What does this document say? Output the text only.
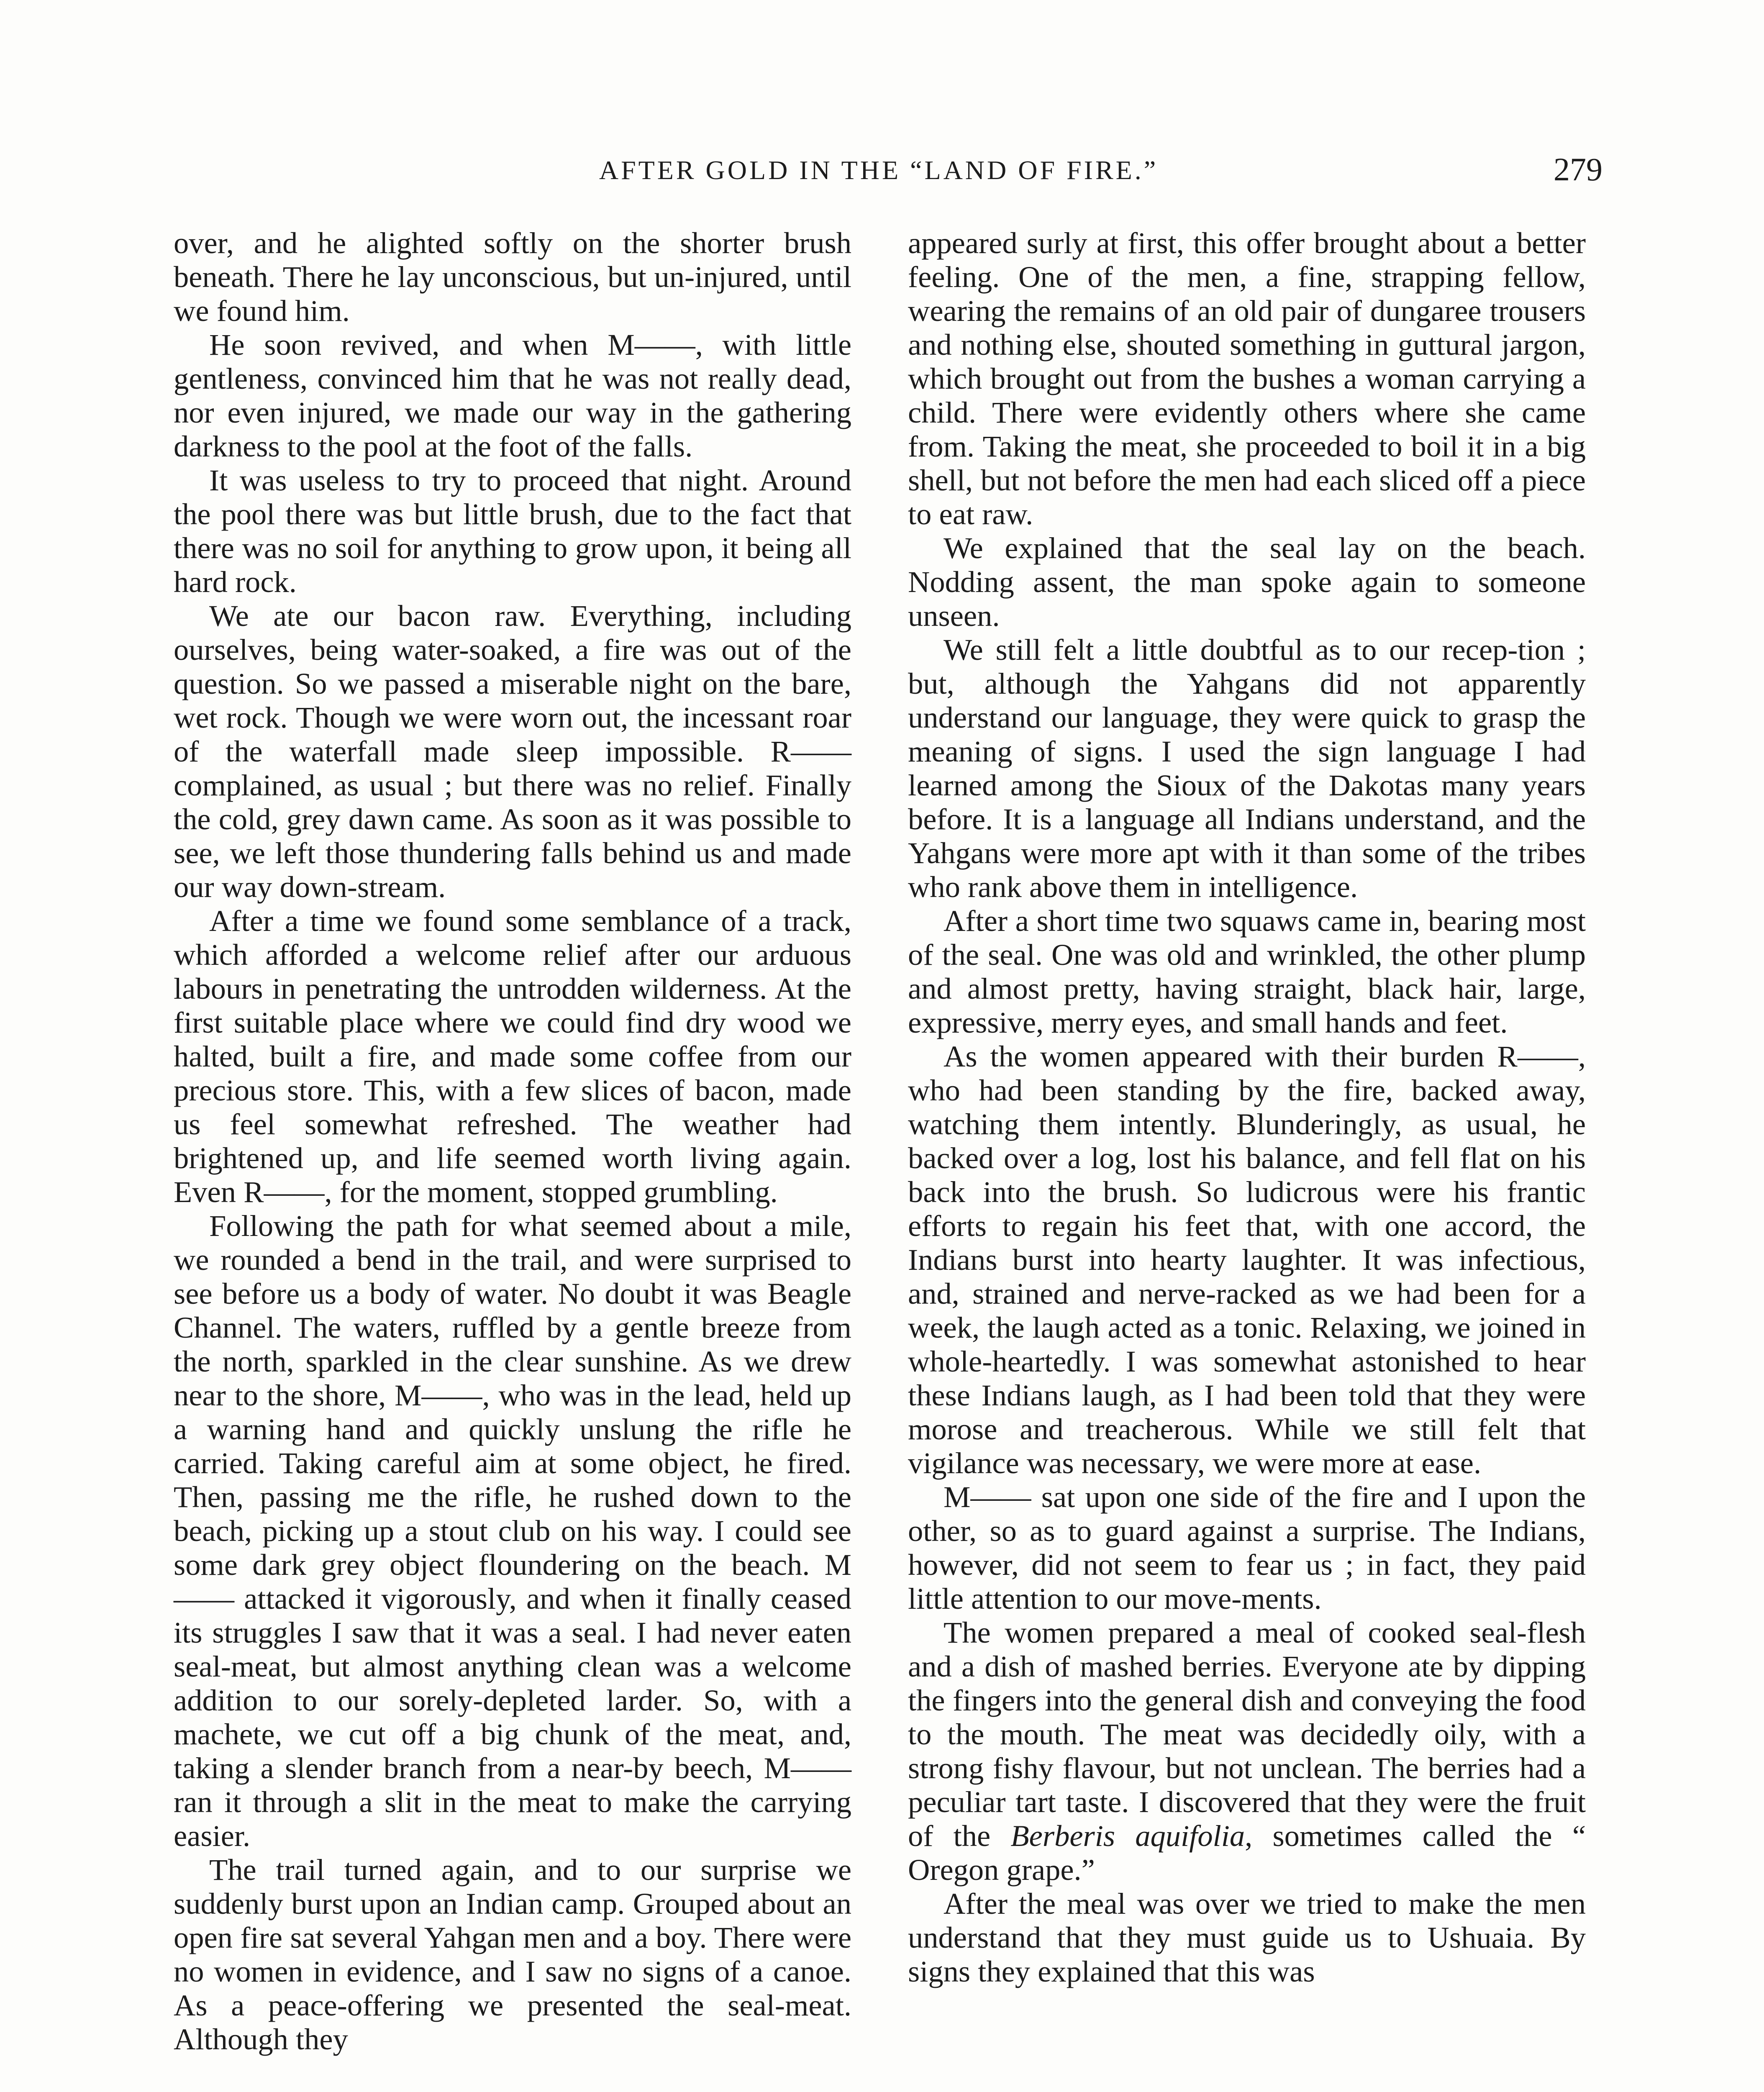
AFTER GOLD IN THE “LAND OF FIRE.”	279

over, and he alighted softly on the shorter brush beneath. There he lay unconscious, but un-injured, until we found him.

He soon revived, and when M——, with little gentleness, convinced him that he was not really dead, nor even injured, we made our way in the gathering darkness to the pool at the foot of the falls.

It was useless to try to proceed that night. Around the pool there was but little brush, due to the fact that there was no soil for anything to grow upon, it being all hard rock.

We ate our bacon raw. Everything, including ourselves, being water-soaked, a fire was out of the question. So we passed a miserable night on the bare, wet rock. Though we were worn out, the incessant roar of the waterfall made sleep impossible. R—— complained, as usual ; but there was no relief. Finally the cold, grey dawn came. As soon as it was possible to see, we left those thundering falls behind us and made our way down-stream.

After a time we found some semblance of a track, which afforded a welcome relief after our arduous labours in penetrating the untrodden wilderness. At the first suitable place where we could find dry wood we halted, built a fire, and made some coffee from our precious store. This, with a few slices of bacon, made us feel somewhat refreshed. The weather had brightened up, and life seemed worth living again. Even R——, for the moment, stopped grumbling.

Following the path for what seemed about a mile, we rounded a bend in the trail, and were surprised to see before us a body of water. No doubt it was Beagle Channel. The waters, ruffled by a gentle breeze from the north, sparkled in the clear sunshine. As we drew near to the shore, M——, who was in the lead, held up a warning hand and quickly unslung the rifle he carried. Taking careful aim at some object, he fired. Then, passing me the rifle, he rushed down to the beach, picking up a stout club on his way. I could see some dark grey object floundering on the beach. M—— attacked it vigorously, and when it finally ceased its struggles I saw that it was a seal. I had never eaten seal-meat, but almost anything clean was a welcome addition to our sorely-depleted larder. So, with a machete, we cut off a big chunk of the meat, and, taking a slender branch from a near-by beech, M—— ran it through a slit in the meat to make the carrying easier.

The trail turned again, and to our surprise we suddenly burst upon an Indian camp. Grouped about an open fire sat several Yahgan men and a boy. There were no women in evidence, and I saw no signs of a canoe. As a peace-offering we presented the seal-meat. Although they

appeared surly at first, this offer brought about a better feeling. One of the men, a fine, strapping fellow, wearing the remains of an old pair of dungaree trousers and nothing else, shouted something in guttural jargon, which brought out from the bushes a woman carrying a child. There were evidently others where she came from. Taking the meat, she proceeded to boil it in a big shell, but not before the men had each sliced off a piece to eat raw.

We explained that the seal lay on the beach. Nodding assent, the man spoke again to someone unseen.

We still felt a little doubtful as to our recep-tion ; but, although the Yahgans did not apparently understand our language, they were quick to grasp the meaning of signs. I used the sign language I had learned among the Sioux of the Dakotas many years before. It is a language all Indians understand, and the Yahgans were more apt with it than some of the tribes who rank above them in intelligence.

After a short time two squaws came in, bearing most of the seal. One was old and wrinkled, the other plump and almost pretty, having straight, black hair, large, expressive, merry eyes, and small hands and feet.

As the women appeared with their burden R——, who had been standing by the fire, backed away, watching them intently. Blunderingly, as usual, he backed over a log, lost his balance, and fell flat on his back into the brush. So ludicrous were his frantic efforts to regain his feet that, with one accord, the Indians burst into hearty laughter. It was infectious, and, strained and nerve-racked as we had been for a week, the laugh acted as a tonic. Relaxing, we joined in whole-heartedly. I was somewhat astonished to hear these Indians laugh, as I had been told that they were morose and treacherous. While we still felt that vigilance was necessary, we were more at ease.

M—— sat upon one side of the fire and I upon the other, so as to guard against a surprise. The Indians, however, did not seem to fear us ; in fact, they paid little attention to our move-ments.

The women prepared a meal of cooked seal-flesh and a dish of mashed berries. Everyone ate by dipping the fingers into the general dish and conveying the food to the mouth. The meat was decidedly oily, with a strong fishy flavour, but not unclean. The berries had a peculiar tart taste. I discovered that they were the fruit of the Berberis aquifolia, sometimes called the “ Oregon grape.”

After the meal was over we tried to make the men understand that they must guide us to Ushuaia. By signs they explained that this was
